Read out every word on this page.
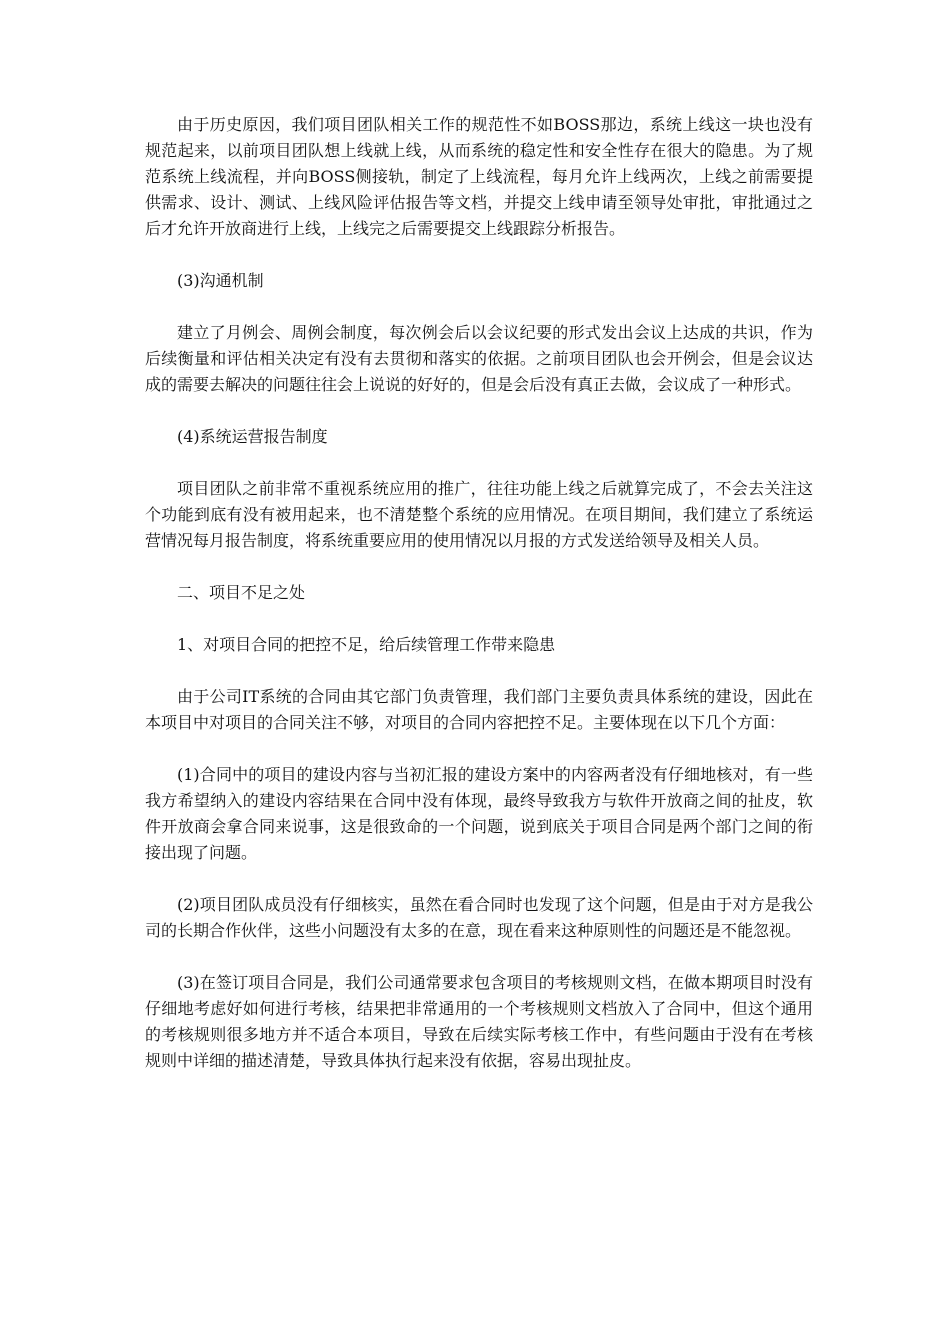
由于历史原因，我们项目团队相关工作的规范性不如BOSS那边，系统上线这一块也没有规范起来，以前项目团队想上线就上线，从而系统的稳定性和安全性存在很大的隐患。为了规范系统上线流程，并向BOSS侧接轨，制定了上线流程，每月允许上线两次，上线之前需要提供需求、设计、测试、上线风险评估报告等文档，并提交上线申请至领导处审批，审批通过之后才允许开放商进行上线，上线完之后需要提交上线跟踪分析报告。

(3)沟通机制

建立了月例会、周例会制度，每次例会后以会议纪要的形式发出会议上达成的共识，作为后续衡量和评估相关决定有没有去贯彻和落实的依据。之前项目团队也会开例会，但是会议达成的需要去解决的问题往往会上说说的好好的，但是会后没有真正去做，会议成了一种形式。

(4)系统运营报告制度

项目团队之前非常不重视系统应用的推广，往往功能上线之后就算完成了，不会去关注这个功能到底有没有被用起来，也不清楚整个系统的应用情况。在项目期间，我们建立了系统运营情况每月报告制度，将系统重要应用的使用情况以月报的方式发送给领导及相关人员。

二、项目不足之处

1、对项目合同的把控不足，给后续管理工作带来隐患

由于公司IT系统的合同由其它部门负责管理，我们部门主要负责具体系统的建设，因此在本项目中对项目的合同关注不够，对项目的合同内容把控不足。主要体现在以下几个方面：

(1)合同中的项目的建设内容与当初汇报的建设方案中的内容两者没有仔细地核对，有一些我方希望纳入的建设内容结果在合同中没有体现，最终导致我方与软件开放商之间的扯皮，软件开放商会拿合同来说事，这是很致命的一个问题，说到底关于项目合同是两个部门之间的衔接出现了问题。

(2)项目团队成员没有仔细核实，虽然在看合同时也发现了这个问题，但是由于对方是我公司的长期合作伙伴，这些小问题没有太多的在意，现在看来这种原则性的问题还是不能忽视。

(3)在签订项目合同是，我们公司通常要求包含项目的考核规则文档，在做本期项目时没有仔细地考虑好如何进行考核，结果把非常通用的一个考核规则文档放入了合同中，但这个通用的考核规则很多地方并不适合本项目，导致在后续实际考核工作中，有些问题由于没有在考核规则中详细的描述清楚，导致具体执行起来没有依据，容易出现扯皮。
